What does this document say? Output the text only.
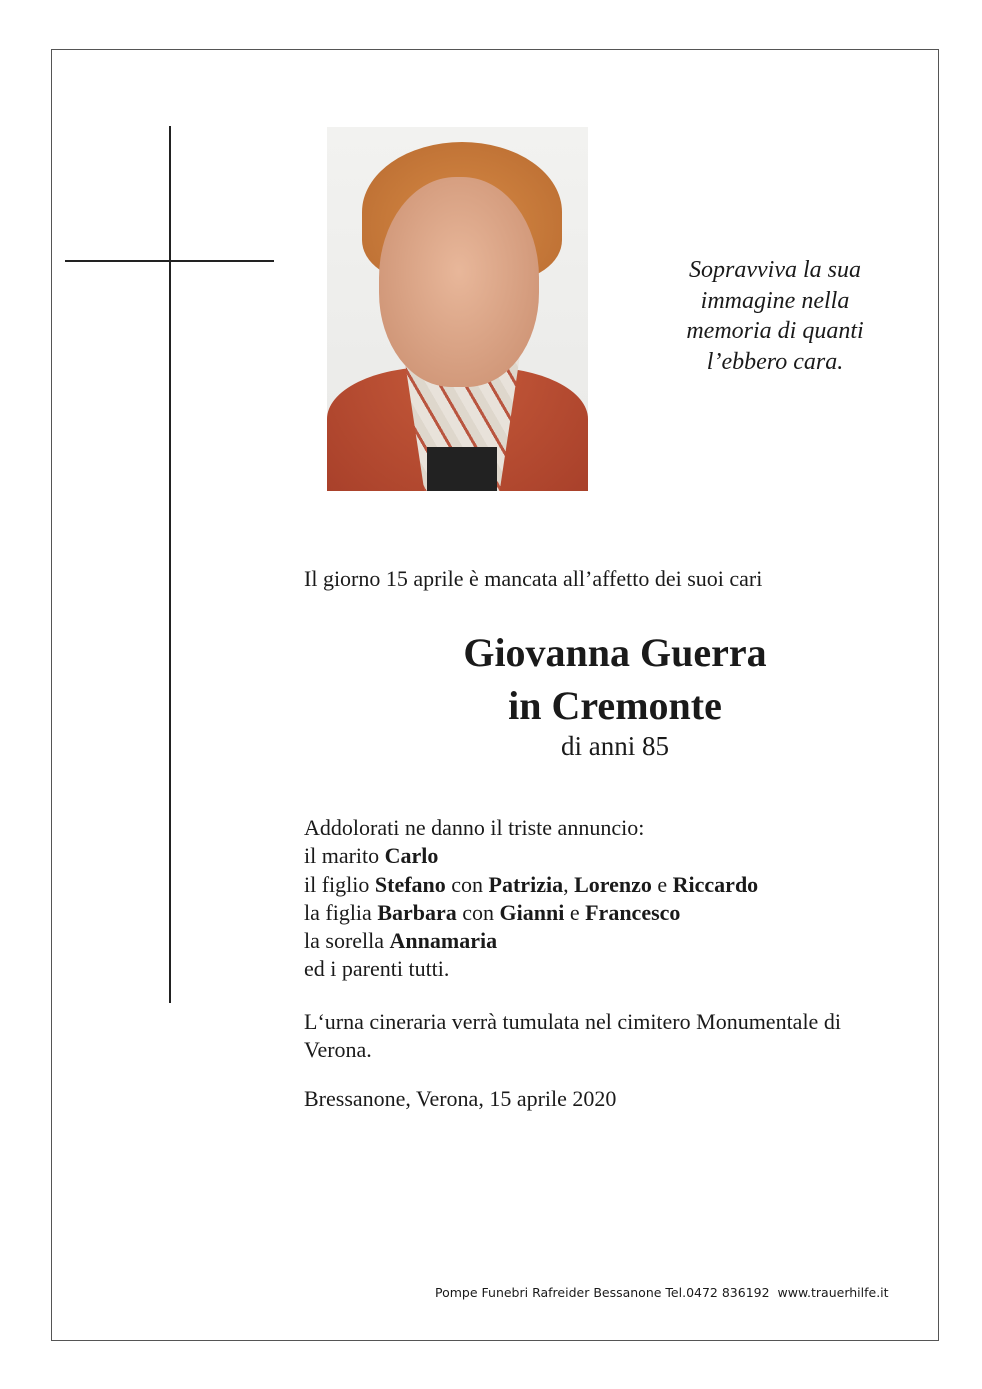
Sopravviva la sua
immagine nella
memoria di quanti
l’ebbero cara.
Il giorno 15 aprile è mancata all’affetto dei suoi cari
Giovanna Guerra
in Cremonte
di anni 85
Addolorati ne danno il triste annuncio:
il marito Carlo
il figlio Stefano con Patrizia, Lorenzo e Riccardo
la figlia Barbara con Gianni e Francesco
la sorella Annamaria
ed i parenti tutti.
L‘urna cineraria verrà tumulata nel cimitero Monumentale di Verona.
Bressanone, Verona, 15 aprile 2020
Pompe Funebri Rafreider Bessanone Tel.0472 836192  www.trauerhilfe.it
